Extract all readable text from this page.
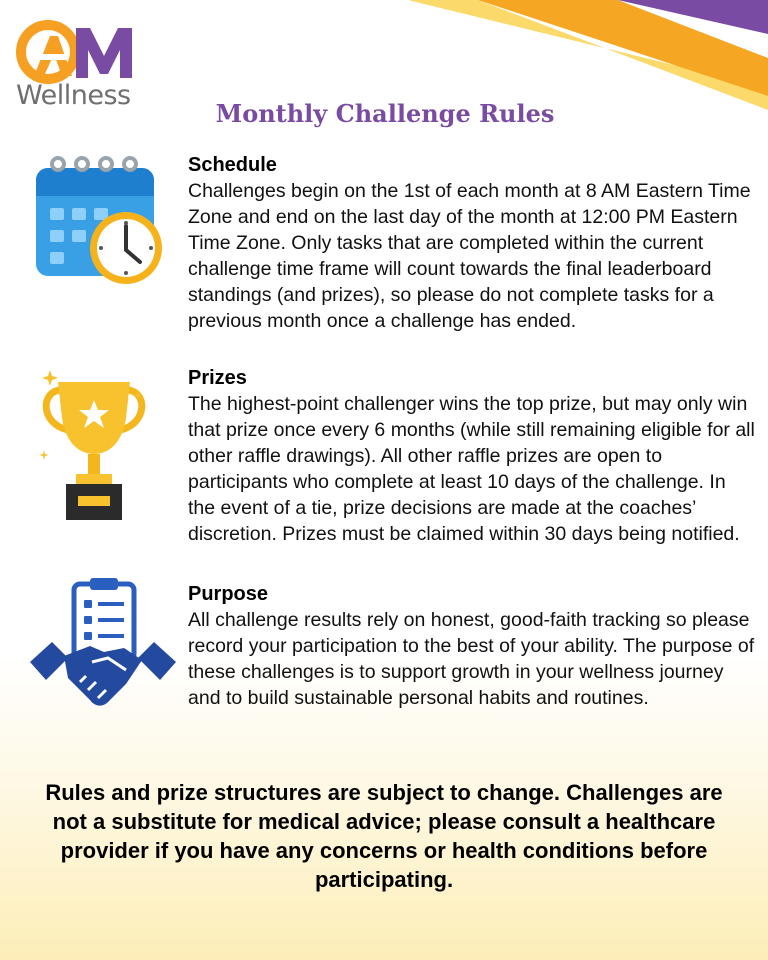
AM
Wellness
Monthly Challenge Rules
Schedule
Challenges begin on the 1st of each month at 8 AM Eastern Time Zone and end on the last day of the month at 12:00 PM Eastern Time Zone. Only tasks that are completed within the current challenge time frame will count towards the final leaderboard standings (and prizes), so please do not complete tasks for a previous month once a challenge has ended.
Prizes
The highest-point challenger wins the top prize, but may only win that prize once every 6 months (while still remaining eligible for all other raffle drawings). All other raffle prizes are open to participants who complete at least 10 days of the challenge. In the event of a tie, prize decisions are made at the coaches’ discretion. Prizes must be claimed within 30 days being notified.
Purpose
All challenge results rely on honest, good-faith tracking so please record your participation to the best of your ability. The purpose of these challenges is to support growth in your wellness journey and to build sustainable personal habits and routines.
Rules and prize structures are subject to change. Challenges are not a substitute for medical advice; please consult a healthcare provider if you have any concerns or health conditions before participating.
